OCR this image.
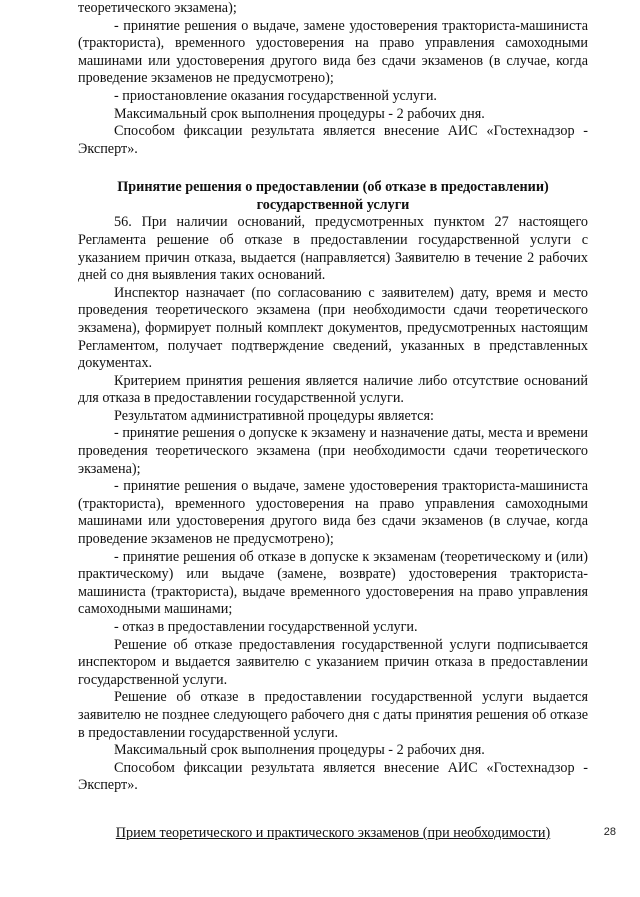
теоретического экзамена);

- принятие решения о выдаче, замене удостоверения тракториста-машиниста (тракториста), временного удостоверения на право управления самоходными машинами или удостоверения другого вида без сдачи экзаменов (в случае, когда проведение экзаменов не предусмотрено);

- приостановление оказания государственной услуги.

Максимальный срок выполнения процедуры - 2 рабочих дня.

Способом фиксации результата является внесение АИС «Гостехнадзор - Эксперт».

Принятие решения о предоставлении (об отказе в предоставлении) государственной услуги

56. При наличии оснований, предусмотренных пунктом 27 настоящего Регламента решение об отказе в предоставлении государственной услуги с указанием причин отказа, выдается (направляется) Заявителю в течение 2 рабочих дней со дня выявления таких оснований.

Инспектор назначает (по согласованию с заявителем) дату, время и место проведения теоретического экзамена (при необходимости сдачи теоретического экзамена), формирует полный комплект документов, предусмотренных настоящим Регламентом, получает подтверждение сведений, указанных в представленных документах.

Критерием принятия решения является наличие либо отсутствие оснований для отказа в предоставлении государственной услуги.

Результатом административной процедуры является:

- принятие решения о допуске к экзамену и назначение даты, места и времени проведения теоретического экзамена (при необходимости сдачи теоретического экзамена);

- принятие решения о выдаче, замене удостоверения тракториста-машиниста (тракториста), временного удостоверения на право управления самоходными машинами или удостоверения другого вида без сдачи экзаменов (в случае, когда проведение экзаменов не предусмотрено);

- принятие решения об отказе в допуске к экзаменам (теоретическому и (или) практическому) или выдаче (замене, возврате) удостоверения тракториста-машиниста (тракториста), выдаче временного удостоверения на право управления самоходными машинами;

- отказ в предоставлении государственной услуги.

Решение об отказе предоставления государственной услуги подписывается инспектором и выдается заявителю с указанием причин отказа в предоставлении государственной услуги.

Решение об отказе в предоставлении государственной услуги выдается заявителю не позднее следующего рабочего дня с даты принятия решения об отказе в предоставлении государственной услуги.

Максимальный срок выполнения процедуры - 2 рабочих дня.

Способом фиксации результата является внесение АИС «Гостехнадзор - Эксперт».

Прием теоретического и практического экзаменов (при необходимости)	28
